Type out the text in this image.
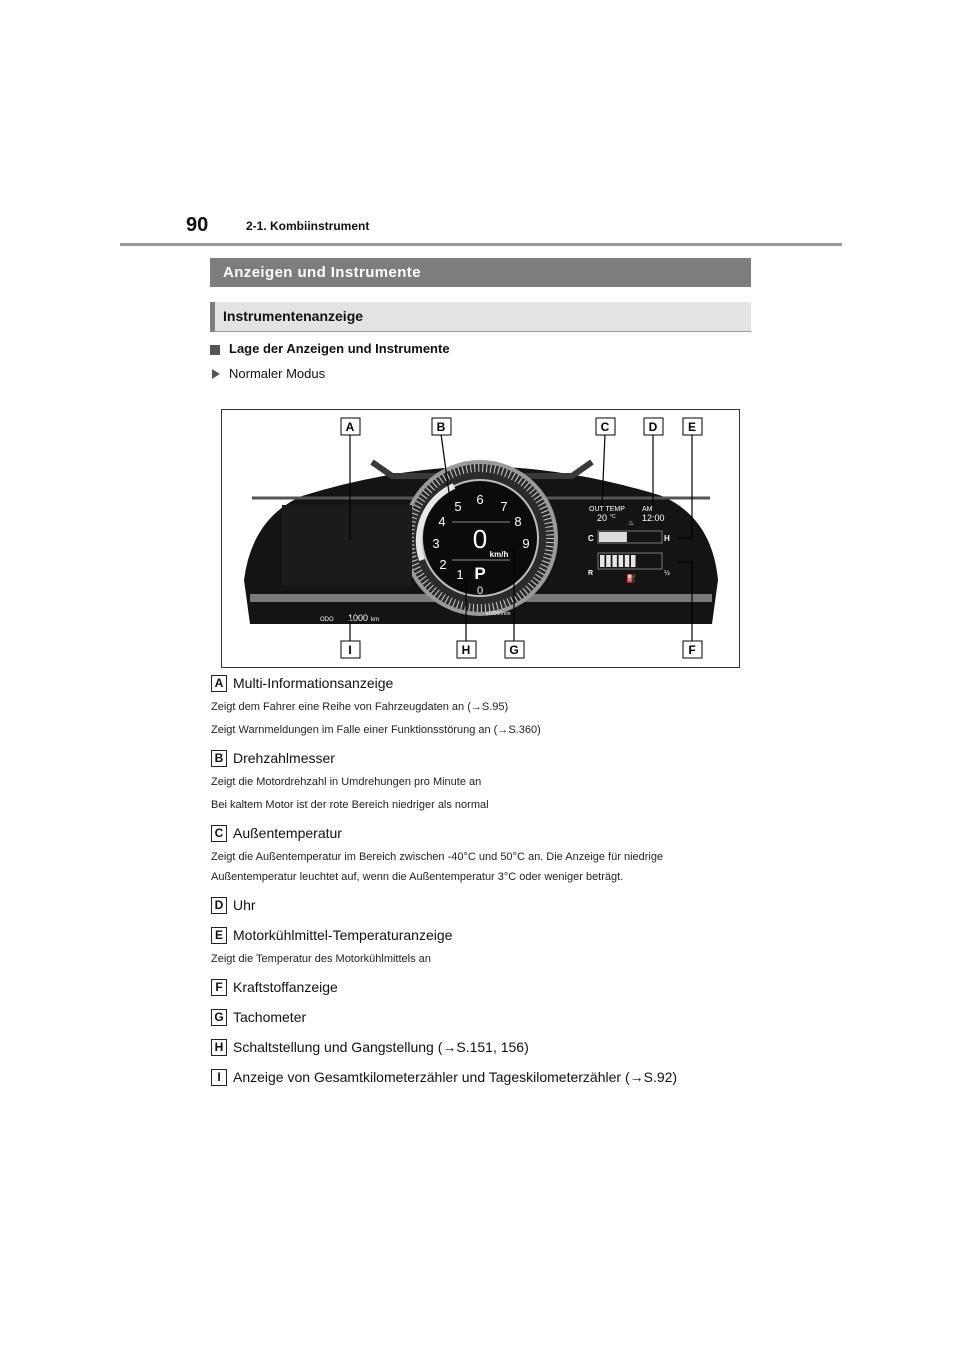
90	2-1. Kombiinstrument
Anzeigen und Instrumente
Instrumentenanzeige
Lage der Anzeigen und Instrumente
Normaler Modus
1
2
3
4
5 6 7
8
9
0
0
km/h
P
x1000r/min
OUT TEMP
20 °C
AM
12:00
♨
C	H
R	½
⛽
ODO 1000 km
A	B	C	D	E
F
G
H
I
A Multi-Informationsanzeige
Zeigt dem Fahrer eine Reihe von Fahrzeugdaten an (→S.95)
Zeigt Warnmeldungen im Falle einer Funktionsstörung an (→S.360)
B Drehzahlmesser
Zeigt die Motordrehzahl in Umdrehungen pro Minute an
Bei kaltem Motor ist der rote Bereich niedriger als normal
C Außentemperatur
Zeigt die Außentemperatur im Bereich zwischen -40°C und 50°C an. Die Anzeige für niedrige
Außentemperatur leuchtet auf, wenn die Außentemperatur 3°C oder weniger beträgt.
D Uhr
E Motorkühlmittel-Temperaturanzeige
Zeigt die Temperatur des Motorkühlmittels an
F Kraftstoffanzeige
G Tachometer
H Schaltstellung und Gangstellung (→S.151, 156)
I Anzeige von Gesamtkilometerzähler und Tageskilometerzähler (→S.92)
